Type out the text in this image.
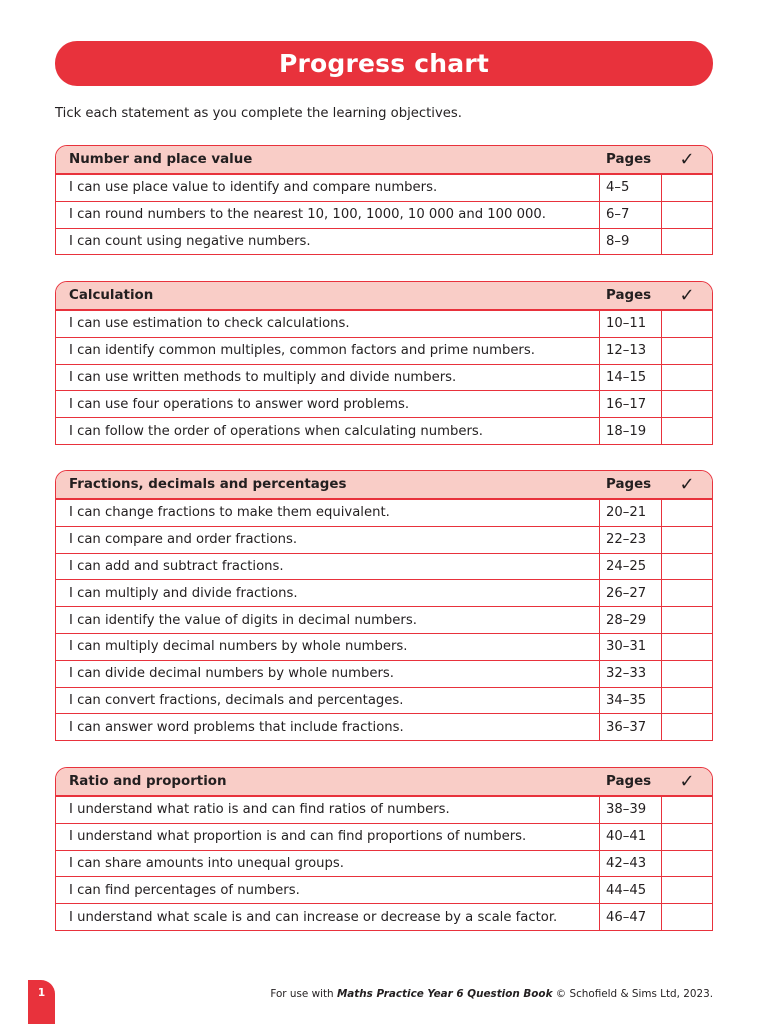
Progress chart
Tick each statement as you complete the learning objectives.
Number and place value	Pages	✓
I can use place value to identify and compare numbers.	4–5
I can round numbers to the nearest 10, 100, 1000, 10 000 and 100 000.	6–7
I can count using negative numbers.	8–9
Calculation	Pages	✓
I can use estimation to check calculations.	10–11
I can identify common multiples, common factors and prime numbers.	12–13
I can use written methods to multiply and divide numbers.	14–15
I can use four operations to answer word problems.	16–17
I can follow the order of operations when calculating numbers.	18–19
Fractions, decimals and percentages	Pages	✓
I can change fractions to make them equivalent.	20–21
I can compare and order fractions.	22–23
I can add and subtract fractions.	24–25
I can multiply and divide fractions.	26–27
I can identify the value of digits in decimal numbers.	28–29
I can multiply decimal numbers by whole numbers.	30–31
I can divide decimal numbers by whole numbers.	32–33
I can convert fractions, decimals and percentages.	34–35
I can answer word problems that include fractions.	36–37
Ratio and proportion	Pages	✓
I understand what ratio is and can find ratios of numbers.	38–39
I understand what proportion is and can find proportions of numbers.	40–41
I can share amounts into unequal groups.	42–43
I can find percentages of numbers.	44–45
I understand what scale is and can increase or decrease by a scale factor.	46–47
1	For use with Maths Practice Year 6 Question Book © Schofield & Sims Ltd, 2023.
